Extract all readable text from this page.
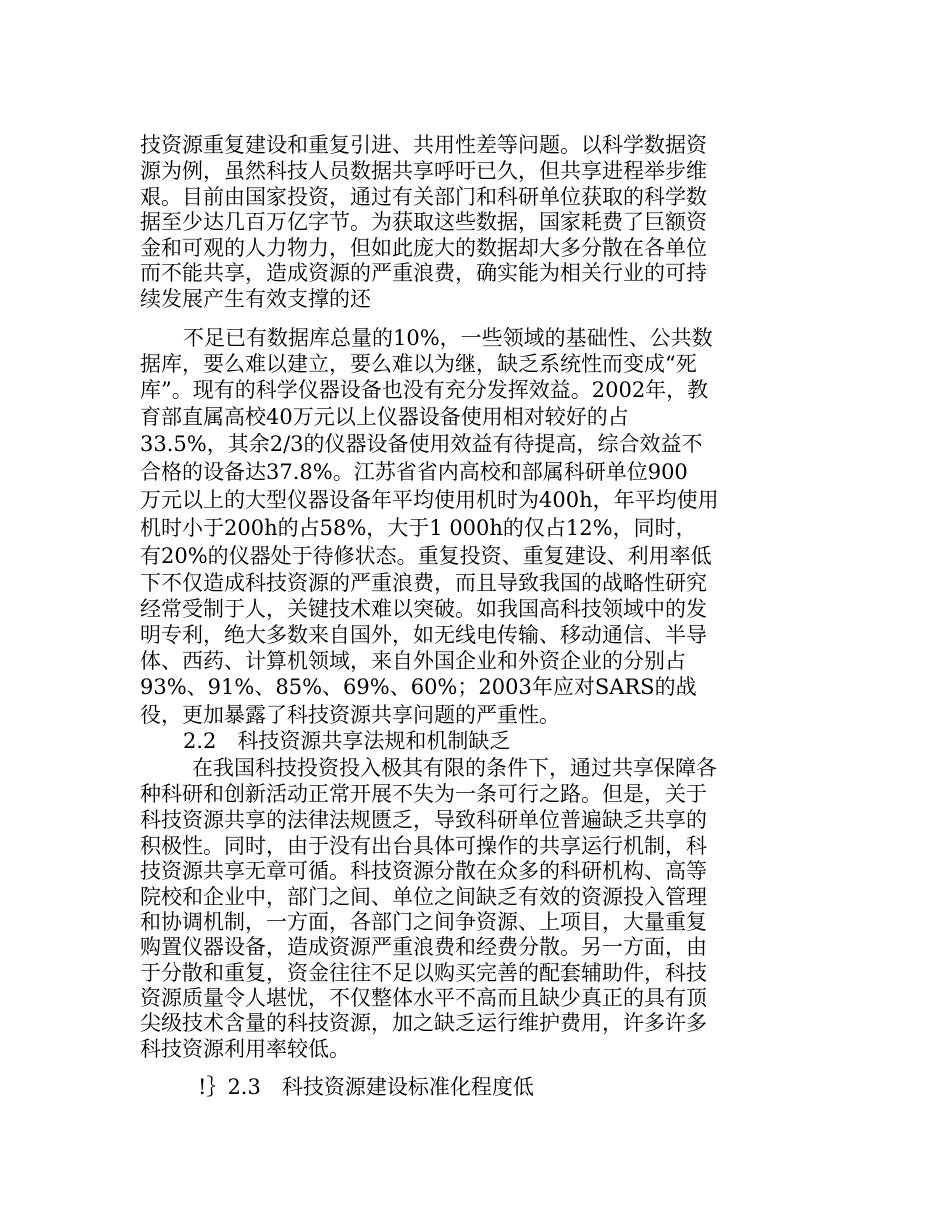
技资源重复建设和重复引进、共用性差等问题。以科学数据资
源为例，虽然科技人员数据共享呼吁已久，但共享进程举步维
艰。目前由国家投资，通过有关部门和科研单位获取的科学数
据至少达几百万亿字节。为获取这些数据，国家耗费了巨额资
金和可观的人力物力，但如此庞大的数据却大多分散在各单位
而不能共享，造成资源的严重浪费，确实能为相关行业的可持
续发展产生有效支撑的还
不足已有数据库总量的10%，一些领域的基础性、公共数
据库，要么难以建立，要么难以为继，缺乏系统性而变成“死
库”。现有的科学仪器设备也没有充分发挥效益。2002年，教
育部直属高校40万元以上仪器设备使用相对较好的占
33.5%，其余2/3的仪器设备使用效益有待提高，综合效益不
合格的设备达37.8%。江苏省省内高校和部属科研单位900
万元以上的大型仪器设备年平均使用机时为400h，年平均使用
机时小于200h的占58%，大于1 000h的仅占12%，同时，
有20%的仪器处于待修状态。重复投资、重复建设、利用率低
下不仅造成科技资源的严重浪费，而且导致我国的战略性研究
经常受制于人，关键技术难以突破。如我国高科技领域中的发
明专利，绝大多数来自国外，如无线电传输、移动通信、半导
体、西药、计算机领域，来自外国企业和外资企业的分别占
93%、91%、85%、69%、60%；2003年应对SARS的战
役，更加暴露了科技资源共享问题的严重性。
2.2　科技资源共享法规和机制缺乏
在我国科技投资投入极其有限的条件下，通过共享保障各
种科研和创新活动正常开展不失为一条可行之路。但是，关于
科技资源共享的法律法规匮乏，导致科研单位普遍缺乏共享的
积极性。同时，由于没有出台具体可操作的共享运行机制，科
技资源共享无章可循。科技资源分散在众多的科研机构、高等
院校和企业中，部门之间、单位之间缺乏有效的资源投入管理
和协调机制，一方面，各部门之间争资源、上项目，大量重复
购置仪器设备，造成资源严重浪费和经费分散。另一方面，由
于分散和重复，资金往往不足以购买完善的配套辅助件，科技
资源质量令人堪忧，不仅整体水平不高而且缺少真正的具有顶
尖级技术含量的科技资源，加之缺乏运行维护费用，许多许多
科技资源利用率较低。
!｝2.3　科技资源建设标准化程度低
